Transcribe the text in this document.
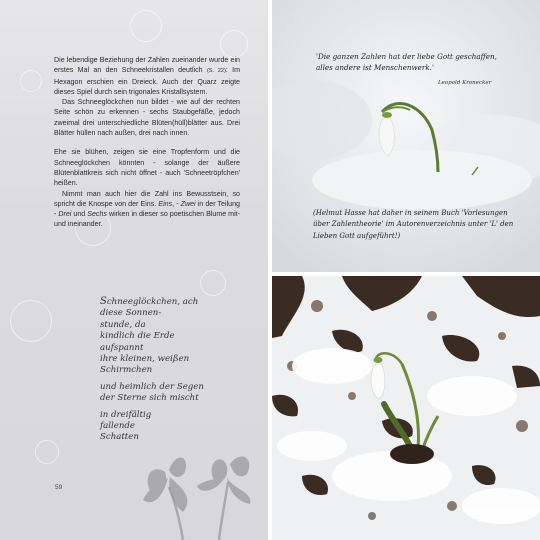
Die lebendige Beziehung der Zahlen zueinander wurde ein erstes Mal an den Schneekristallen deutlich (S. 22): Im Hexagon erschien ein Dreieck. Auch der Quarz zeigte dieses Spiel durch sein trigonales Kristallsystem.

Das Schneeglöckchen nun bildet - wie auf der rechten Seite schön zu erkennen - sechs Staubgefäße, jedoch zweimal drei unterschiedliche Blüten(hüll)blätter aus. Drei Blätter hüllen nach außen, drei nach innen.

Ehe sie blühen, zeigen sie eine Tropfenform und die Schneeglöckchen könnten - solange der äußere Blütenblattkreis sich nicht öffnet - auch 'Schneetröpfchen' heißen.

Nimmt man auch hier die Zahl ins Bewusstsein, so spricht die Knospe von der Eins. Eins, - Zwei in der Teilung - Drei und Sechs wirken in dieser so poetischen Blume mit- und ineinander.

Schneeglöckchen, ach
diese Sonnen-
stunde, da
kindlich die Erde
aufspannt
ihre kleinen, weißen
Schirmchen
und heimlich der Segen
der Sterne sich mischt
in dreifältig
fallende
Schatten
59
'Die ganzen Zahlen hat der liebe Gott geschaffen,
alles andere ist Menschenwerk.'
Leopold Kronecker
(Helmut Hasse hat daher in seinem Buch 'Vorlesungen über Zahlentheorie' im Autorenverzeichnis unter 'L' den Lieben Gott aufgeführt!)
